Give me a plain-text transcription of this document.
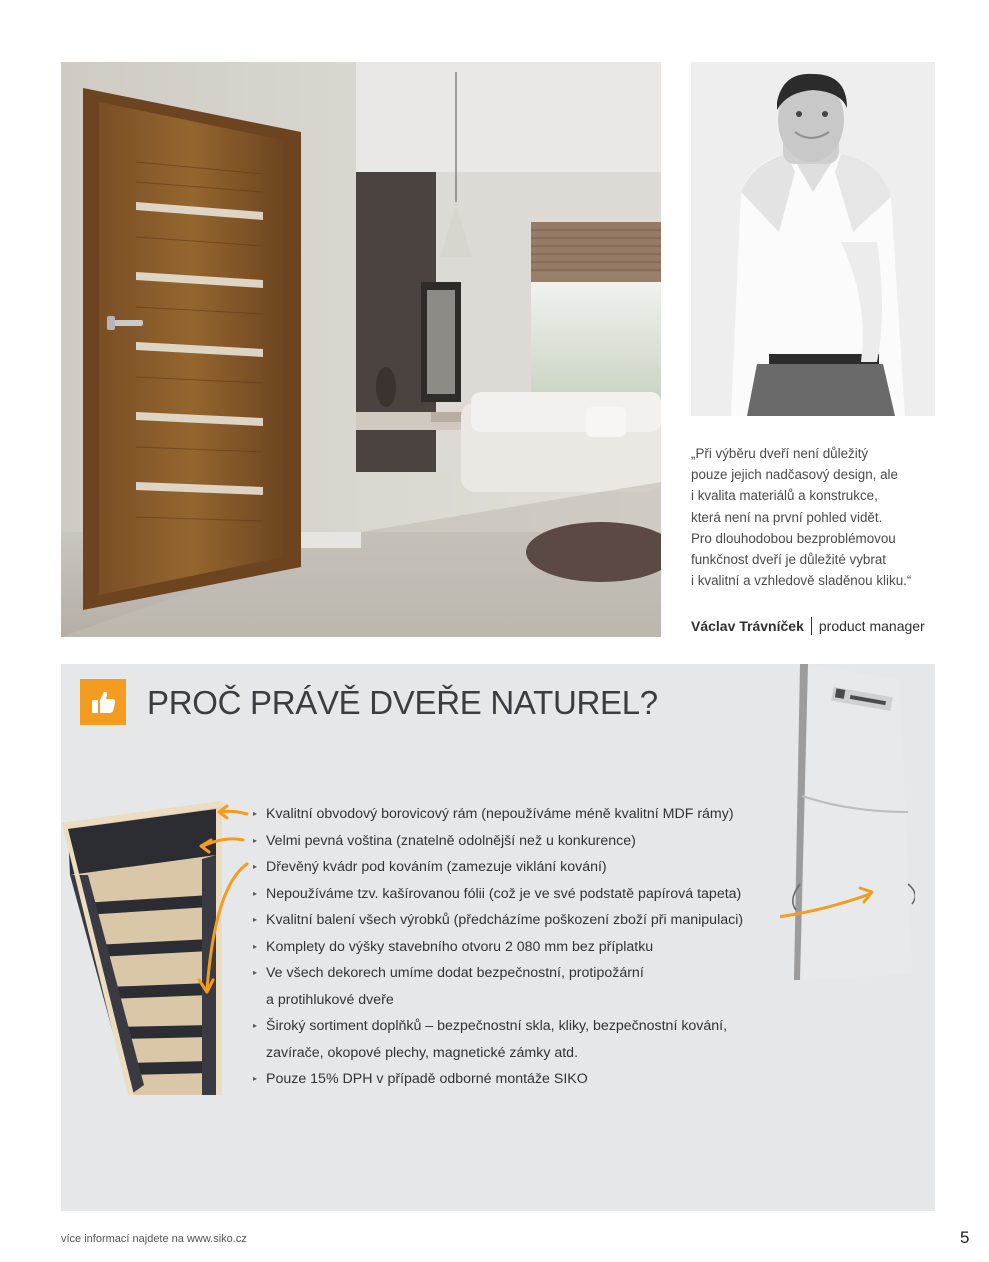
„Při výběru dveří není důležitý
pouze jejich nadčasový design, ale
i kvalita materiálů a konstrukce,
která není na první pohled vidět.
Pro dlouhodobou bezproblémovou
funkčnost dveří je důležité vybrat
i kvalitní a vzhledově sladěnou kliku.“
Václav Trávníček product manager
PROČ PRÁVĚ DVEŘE NATUREL?
▸ Kvalitní obvodový borovicový rám (nepoužíváme méně kvalitní MDF rámy)
▸ Velmi pevná voština (znatelně odolnější než u konkurence)
▸ Dřevěný kvádr pod kováním (zamezuje viklání kování)
▸ Nepoužíváme tzv. kašírovanou fólii (což je ve své podstatě papírová tapeta)
▸ Kvalitní balení všech výrobků (předcházíme poškození zboží při manipulaci)
▸ Komplety do výšky stavebního otvoru 2 080 mm bez příplatku
▸ Ve všech dekorech umíme dodat bezpečnostní, protipožární
a protihlukové dveře
▸ Široký sortiment doplňků – bezpečnostní skla, kliky, bezpečnostní kování,
zavírače, okopové plechy, magnetické zámky atd.
▸ Pouze 15% DPH v případě odborné montáže SIKO
více informací najdete na www.siko.cz	5
